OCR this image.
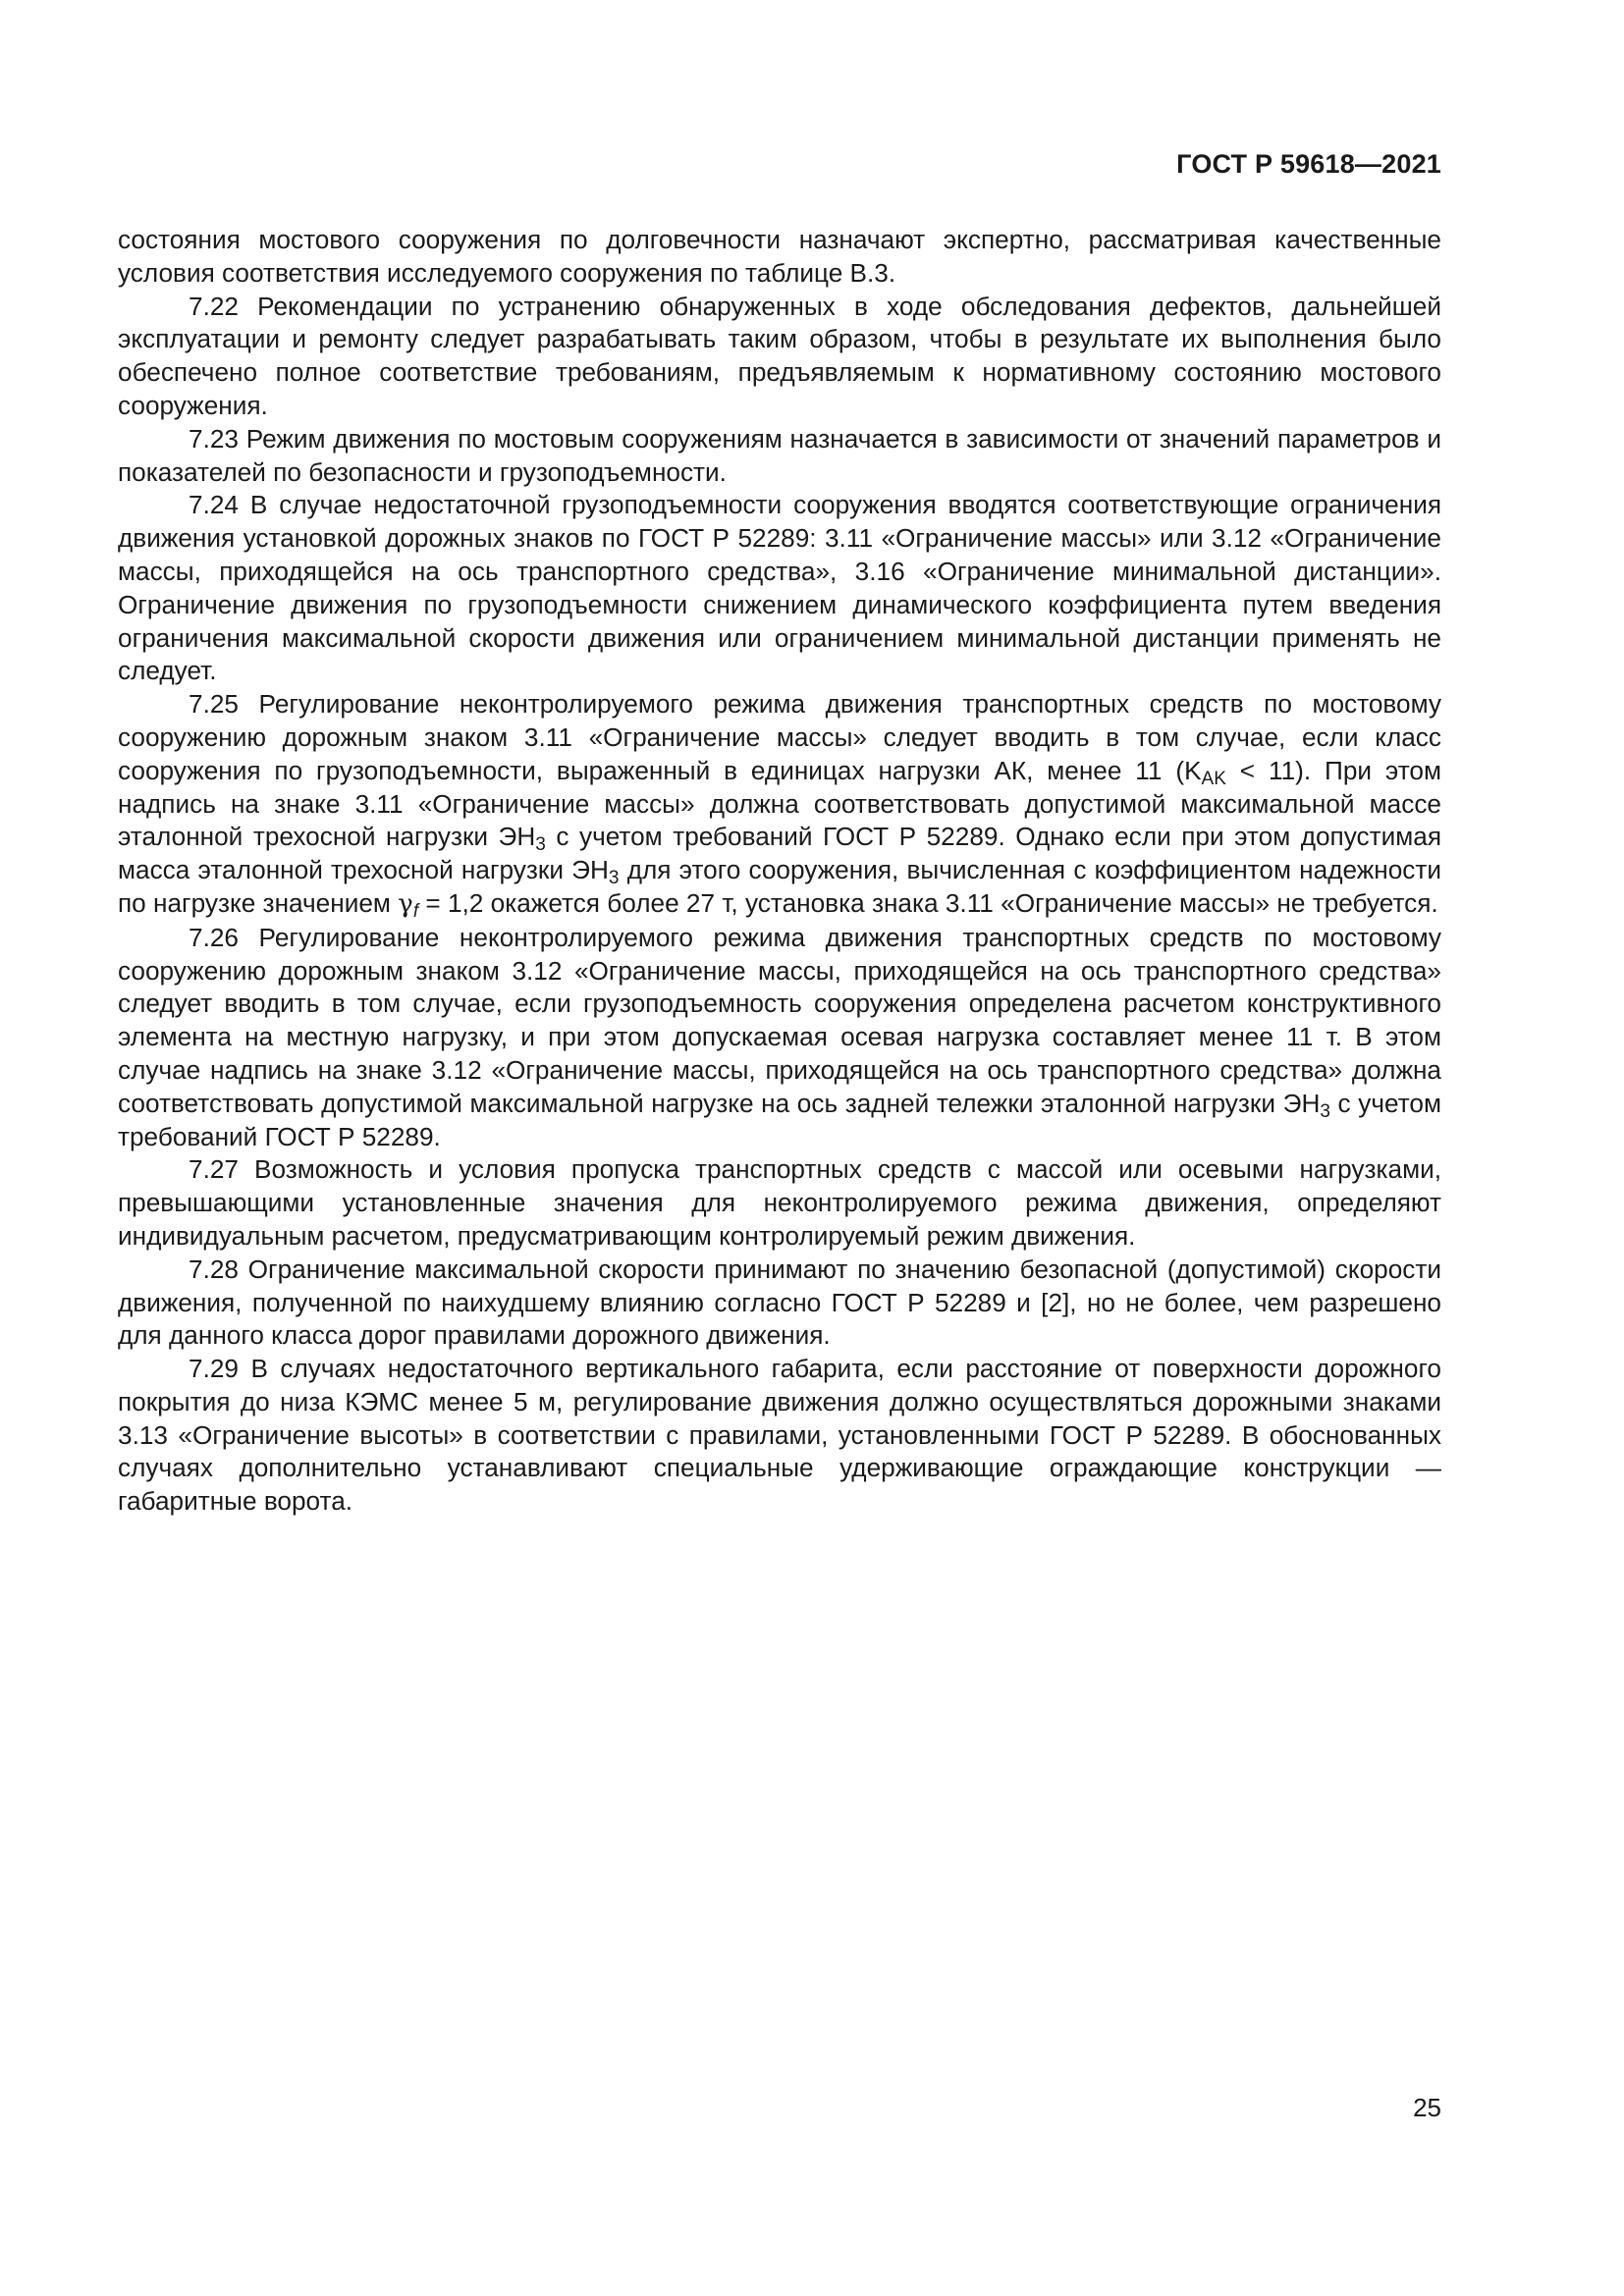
ГОСТ Р 59618—2021

состояния мостового сооружения по долговечности назначают экспертно, рассматривая качественные условия соответствия исследуемого сооружения по таблице В.3.

7.22 Рекомендации по устранению обнаруженных в ходе обследования дефектов, дальнейшей эксплуатации и ремонту следует разрабатывать таким образом, чтобы в результате их выполнения было обеспечено полное соответствие требованиям, предъявляемым к нормативному состоянию мостового сооружения.

7.23 Режим движения по мостовым сооружениям назначается в зависимости от значений параметров и показателей по безопасности и грузоподъемности.

7.24 В случае недостаточной грузоподъемности сооружения вводятся соответствующие ограничения движения установкой дорожных знаков по ГОСТ Р 52289: 3.11 «Ограничение массы» или 3.12 «Ограничение массы, приходящейся на ось транспортного средства», 3.16 «Ограничение минимальной дистанции». Ограничение движения по грузоподъемности снижением динамического коэффициента путем введения ограничения максимальной скорости движения или ограничением минимальной дистанции применять не следует.

7.25 Регулирование неконтролируемого режима движения транспортных средств по мостовому сооружению дорожным знаком 3.11 «Ограничение массы» следует вводить в том случае, если класс сооружения по грузоподъемности, выраженный в единицах нагрузки АК, менее 11 $(K_{AK} < 11)$. При этом надпись на знаке 3.11 «Ограничение массы» должна соответствовать допустимой максимальной массе эталонной трехосной нагрузки $ЭН_3$ с учетом требований ГОСТ Р 52289. Однако если при этом допустимая масса эталонной трехосной нагрузки $ЭН_3$ для этого сооружения, вычисленная с коэффициентом надежности по нагрузке значением $\gamma_f = 1,2$ окажется более 27 т, установка знака 3.11 «Ограничение массы» не требуется.

7.26 Регулирование неконтролируемого режима движения транспортных средств по мостовому сооружению дорожным знаком 3.12 «Ограничение массы, приходящейся на ось транспортного средства» следует вводить в том случае, если грузоподъемность сооружения определена расчетом конструктивного элемента на местную нагрузку, и при этом допускаемая осевая нагрузка составляет менее 11 т. В этом случае надпись на знаке 3.12 «Ограничение массы, приходящейся на ось транспортного средства» должна соответствовать допустимой максимальной нагрузке на ось задней тележки эталонной нагрузки $ЭН_3$ с учетом требований ГОСТ Р 52289.

7.27 Возможность и условия пропуска транспортных средств с массой или осевыми нагрузками, превышающими установленные значения для неконтролируемого режима движения, определяют индивидуальным расчетом, предусматривающим контролируемый режим движения.

7.28 Ограничение максимальной скорости принимают по значению безопасной (допустимой) скорости движения, полученной по наихудшему влиянию согласно ГОСТ Р 52289 и [2], но не более, чем разрешено для данного класса дорог правилами дорожного движения.

7.29 В случаях недостаточного вертикального габарита, если расстояние от поверхности дорожного покрытия до низа КЭМС менее 5 м, регулирование движения должно осуществляться дорожными знаками 3.13 «Ограничение высоты» в соответствии с правилами, установленными ГОСТ Р 52289. В обоснованных случаях дополнительно устанавливают специальные удерживающие ограждающие конструкции — габаритные ворота.

25
